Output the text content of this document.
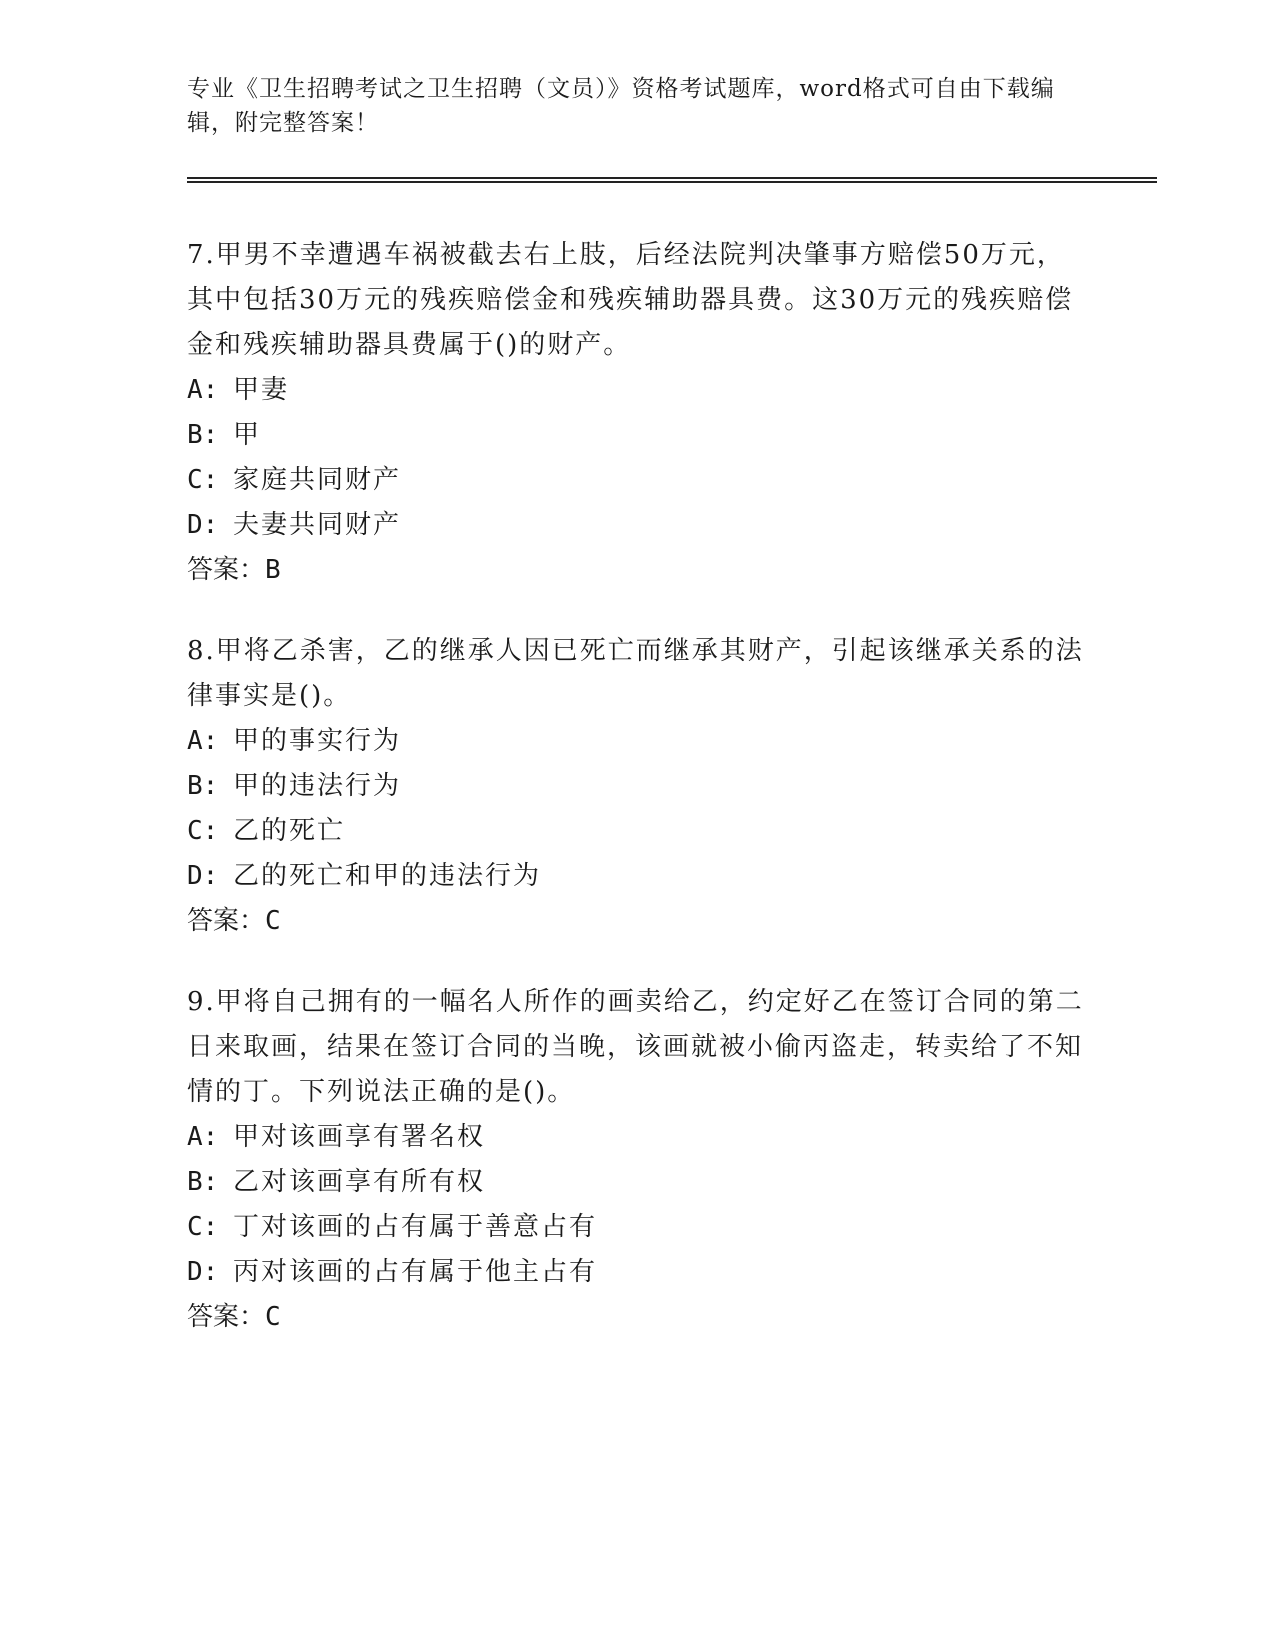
专业《卫生招聘考试之卫生招聘（文员）》资格考试题库，word格式可自由下载编辑，附完整答案！
7.甲男不幸遭遇车祸被截去右上肢，后经法院判决肇事方赔偿50万元，其中包括30万元的残疾赔偿金和残疾辅助器具费。这30万元的残疾赔偿金和残疾辅助器具费属于()的财产。
A: 甲妻
B: 甲
C: 家庭共同财产
D: 夫妻共同财产
答案：B
8.甲将乙杀害，乙的继承人因已死亡而继承其财产，引起该继承关系的法律事实是()。
A: 甲的事实行为
B: 甲的违法行为
C: 乙的死亡
D: 乙的死亡和甲的违法行为
答案：C
9.甲将自己拥有的一幅名人所作的画卖给乙，约定好乙在签订合同的第二日来取画，结果在签订合同的当晚，该画就被小偷丙盗走，转卖给了不知情的丁。下列说法正确的是()。
A: 甲对该画享有署名权
B: 乙对该画享有所有权
C: 丁对该画的占有属于善意占有
D: 丙对该画的占有属于他主占有
答案：C
